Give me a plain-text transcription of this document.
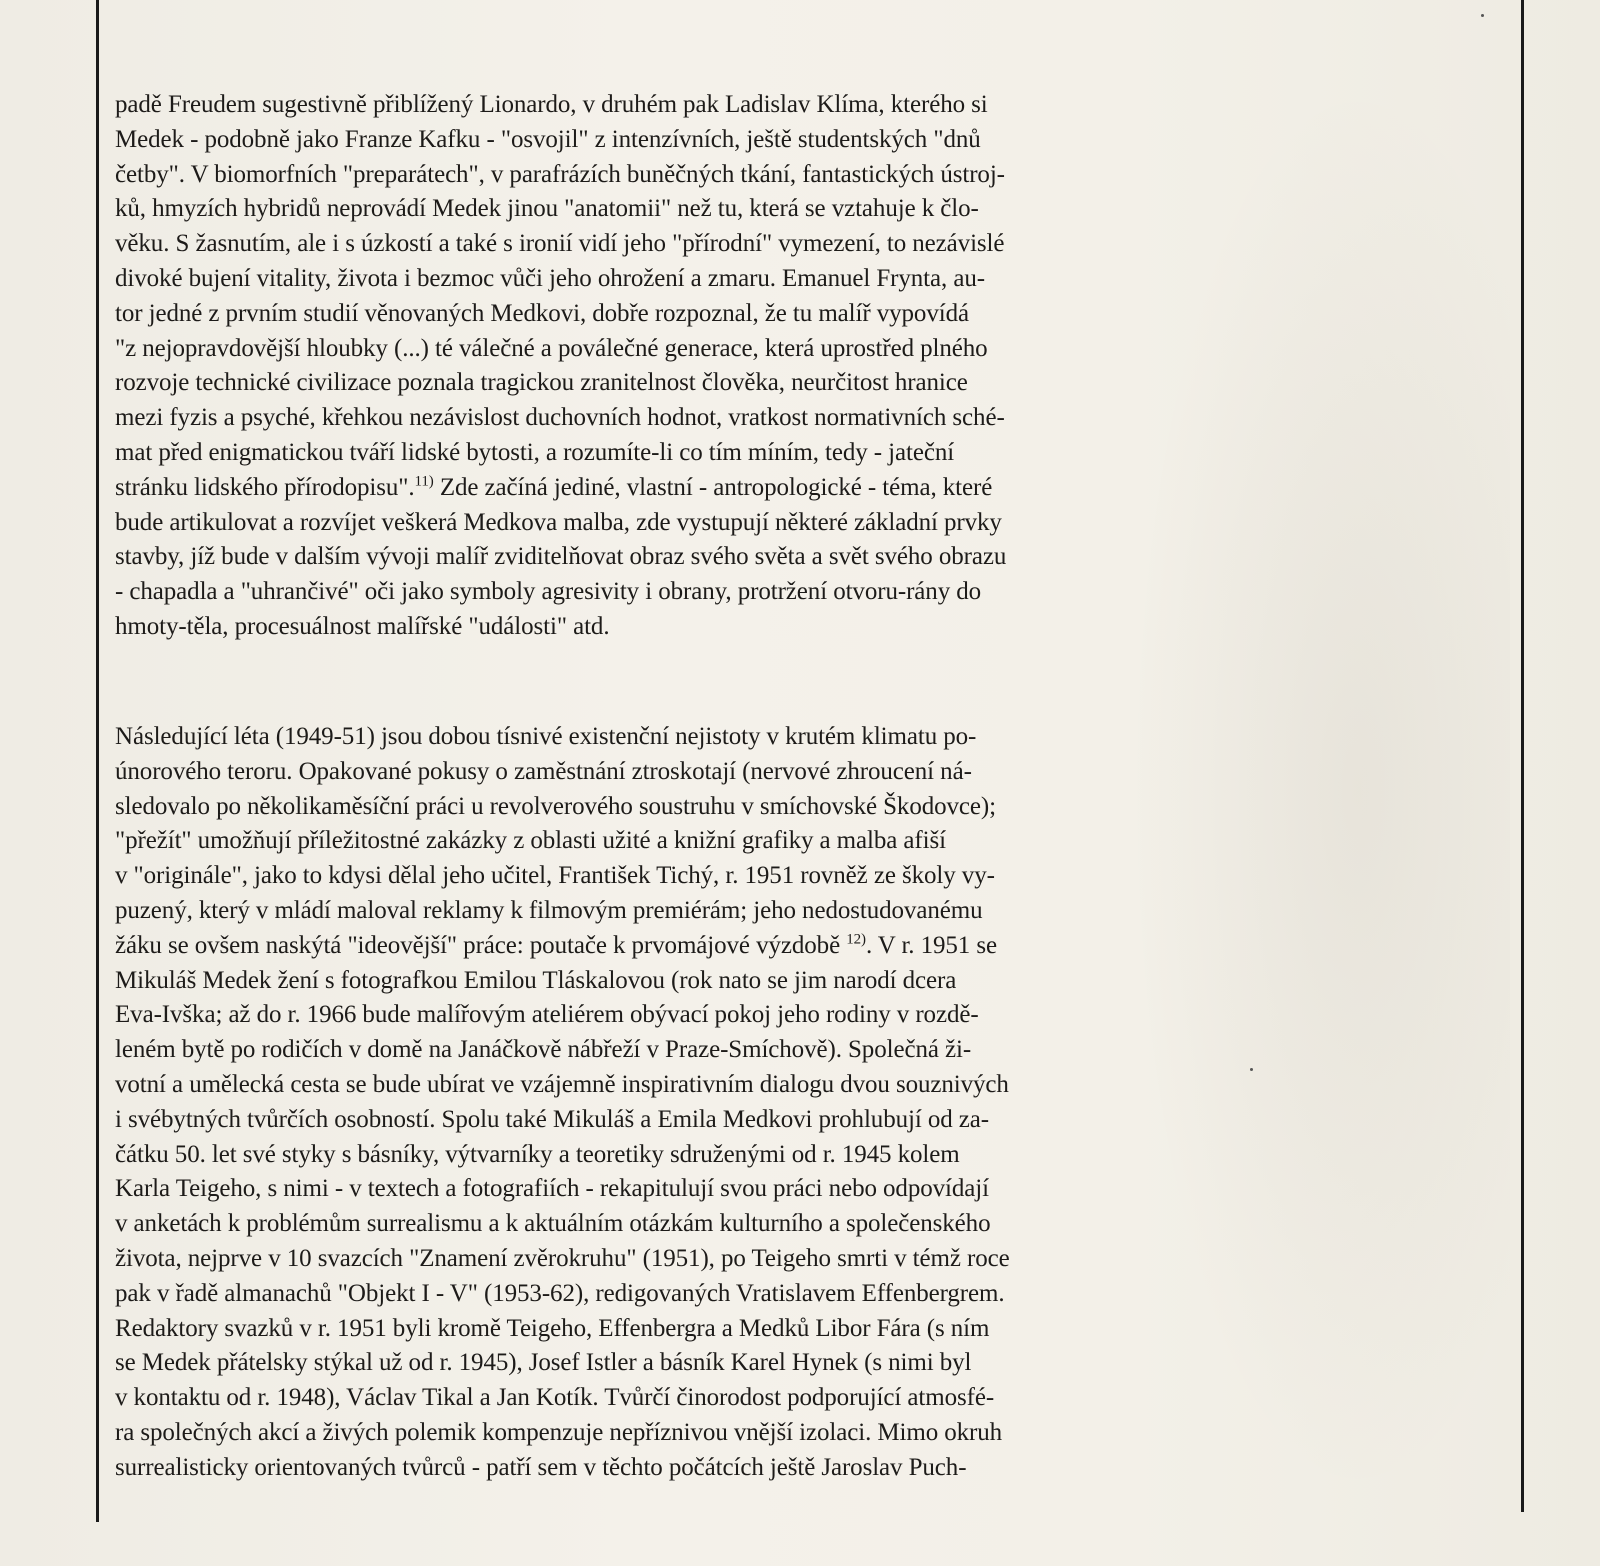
padě Freudem sugestivně přiblížený Lionardo, v druhém pak Ladislav Klíma, kterého si
Medek - podobně jako Franze Kafku - "osvojil" z intenzívních, ještě studentských "dnů
četby". V biomorfních "preparátech", v parafrázích buněčných tkání, fantastických ústroj-
ků, hmyzích hybridů neprovádí Medek jinou "anatomii" než tu, která se vztahuje k člo-
věku. S žasnutím, ale i s úzkostí a také s ironií vidí jeho "přírodní" vymezení, to nezávislé
divoké bujení vitality, života i bezmoc vůči jeho ohrožení a zmaru. Emanuel Frynta, au-
tor jedné z prvním studií věnovaných Medkovi, dobře rozpoznal, že tu malíř vypovídá
"z nejopravdovější hloubky (...) té válečné a poválečné generace, která uprostřed plného
rozvoje technické civilizace poznala tragickou zranitelnost člověka, neurčitost hranice
mezi fyzis a psyché, křehkou nezávislost duchovních hodnot, vratkost normativních sché-
mat před enigmatickou tváří lidské bytosti, a rozumíte-li co tím míním, tedy - jateční
stránku lidského přírodopisu".$^{11)}$ Zde začíná jediné, vlastní - antropologické - téma, které
bude artikulovat a rozvíjet veškerá Medkova malba, zde vystupují některé základní prvky
stavby, jíž bude v dalším vývoji malíř zviditelňovat obraz svého světa a svět svého obrazu
- chapadla a "uhrančivé" oči jako symboly agresivity i obrany, protržení otvoru-rány do
hmoty-těla, procesuálnost malířské "události" atd.
Následující léta (1949-51) jsou dobou tísnivé existenční nejistoty v krutém klimatu po-
únorového teroru. Opakované pokusy o zaměstnání ztroskotají (nervové zhroucení ná-
sledovalo po několikaměsíční práci u revolverového soustruhu v smíchovské Škodovce);
"přežít" umožňují příležitostné zakázky z oblasti užité a knižní grafiky a malba afiší
v "originále", jako to kdysi dělal jeho učitel, František Tichý, r. 1951 rovněž ze školy vy-
puzený, který v mládí maloval reklamy k filmovým premiérám; jeho nedostudovanému
žáku se ovšem naskýtá "ideovější" práce: poutače k prvomájové výzdobě $^{12)}$. V r. 1951 se
Mikuláš Medek žení s fotografkou Emilou Tláskalovou (rok nato se jim narodí dcera
Eva-Ivška; až do r. 1966 bude malířovým ateliérem obývací pokoj jeho rodiny v rozdě-
leném bytě po rodičích v domě na Janáčkově nábřeží v Praze-Smíchově). Společná ži-
votní a umělecká cesta se bude ubírat ve vzájemně inspirativním dialogu dvou souznivých
i svébytných tvůrčích osobností. Spolu také Mikuláš a Emila Medkovi prohlubují od za-
čátku 50. let své styky s básníky, výtvarníky a teoretiky sdruženými od r. 1945 kolem
Karla Teigeho, s nimi - v textech a fotografiích - rekapitulují svou práci nebo odpovídají
v anketách k problémům surrealismu a k aktuálním otázkám kulturního a společenského
života, nejprve v 10 svazcích "Znamení zvěrokruhu" (1951), po Teigeho smrti v témž roce
pak v řadě almanachů "Objekt I - V" (1953-62), redigovaných Vratislavem Effenbergrem.
Redaktory svazků v r. 1951 byli kromě Teigeho, Effenbergra a Medků Libor Fára (s ním
se Medek přátelsky stýkal už od r. 1945), Josef Istler a básník Karel Hynek (s nimi byl
v kontaktu od r. 1948), Václav Tikal a Jan Kotík. Tvůrčí činorodost podporující atmosfé-
ra společných akcí a živých polemik kompenzuje nepříznivou vnější izolaci. Mimo okruh
surrealisticky orientovaných tvůrců - patří sem v těchto počátcích ještě Jaroslav Puch-
